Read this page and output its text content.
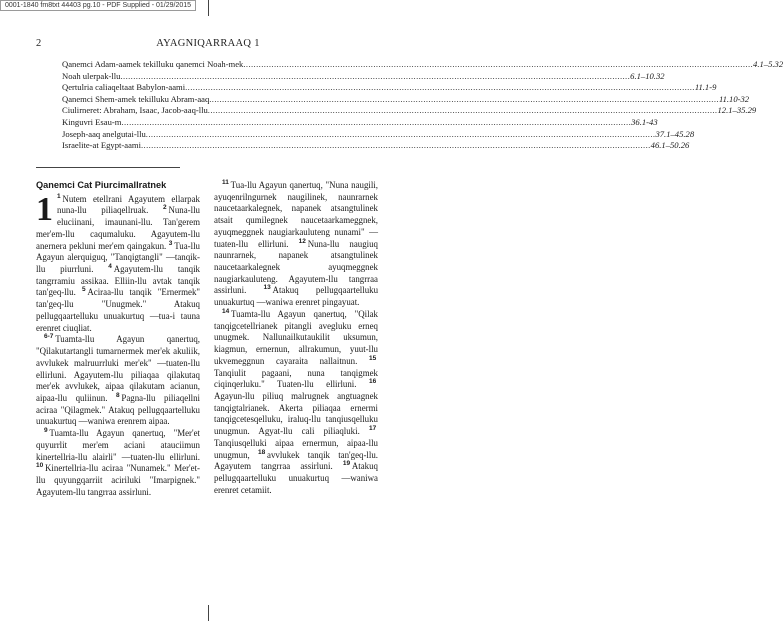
0001-1840 fm8txt 44403 pg.10 - PDF Supplied - 01/29/2015
2	AYAGNIQARRAAQ 1
Qanemci Adam-aamek tekilluku qanemci Noah-mek ........................................................................................................................................................................................................ 4.1–5.32
Noah ulerpak-llu ........................................................................................................................................................................................................ 6.1–10.32
Qertulria caliaqeltaat Babylon-aami ........................................................................................................................................................................................................ 11.1-9
Qanemci Shem-amek tekilluku Abram-aaq ........................................................................................................................................................................................................ 11.10-32
Ciulirneret: Abraham, Isaac, Jacob-aaq-llu ........................................................................................................................................................................................................ 12.1–35.29
Kinguvri Esau-m ........................................................................................................................................................................................................ 36.1-43
Joseph-aaq anelgutai-llu ........................................................................................................................................................................................................ 37.1–45.28
Israelite-at Egypt-aami ........................................................................................................................................................................................................ 46.1–50.26
Qanemci Cat Piurcimallratnek

1 $^1$  Nutem etellrani Agayutem ellarpak nuna-llu piliaqellruak. $^2$  Nuna-llu eluciinani, imaunani-llu. Tan'gerem mer'em-llu caqumaluku. Agayutem-llu anernera pekluni mer'em qaingakun. $^3$  Tua-llu Agayun alerquiguq, "Tanqigtangli" —tanqik-llu piurrluni. $^4$  Agayutem-llu tanqik tangrramiu assikaa. Elliin-llu avtak tanqik tan'geq-llu. $^5$  Aciraa-llu tanqik "Ernermek" tan'geq-llu "Unugmek." Atakuq pellugqaartelluku unuakurtuq —tua-i tauna erenret ciuqliat.

$^{6-7}$  Tuamta-llu Agayun qanertuq, "Qilakutartangli tumarnermek mer'ek akuliik, avvlukek malruurrluki mer'ek" —tuaten-llu ellirluni. Agayutem-llu piliaqaa qilakutaq mer'ek avvlukek, aipaa qilakutam acianun, aipaa-llu quliinun. $^8$  Pagna-llu piliaqellni aciraa "Qilagmek." Atakuq pellugqaartelluku unuakurtuq —waniwa erenrem aipaa.

$^9$  Tuamta-llu Agayun qanertuq, "Mer'et quyurrlit mer'em aciani atauciimun kinertellria-llu alairli" —tuaten-llu ellirluni. $^{10}$  Kinertellria-llu aciraa "Nunamek." Mer'et-llu quyungqarriit aciriluki "Imarpignek." Agayutem-llu tangrraa assirluni.

$^{11}$  Tua-llu Agayun qanertuq, "Nuna naugili, ayuqenrilngurnek naugilinek, naunrarnek naucetaarkalegnek, napanek atsangtulinek atsait qumilegnek naucetaarkameggnek, ayuqmeggnek naugiarkauluteng nunami" —tuaten-llu ellirluni. $^{12}$  Nuna-llu naugiuq naunrarnek, napanek atsangtulinek naucetaarkalegnek ayuqmeggnek naugiarkauluteng. Agayutem-llu tangrraa assirluni.	$^{13}$  Atakuq pellugqaartelluku unuakurtuq —waniwa erenret pingayuat.

$^{14}$  Tuamta-llu Agayun qanertuq, "Qilak tanqigcetellrianek pitangli avegluku erneq unugmek. Nallunailkutaukilit uksumun, kiagmun, ernernun, allrakumun, yuut-llu ukvemeggnun cayaraita nallaitnun. $^{15}$ Tanqiulit pagaani, nuna tanqigmek ciqinqerluku." Tuaten-llu ellirluni. $^{16}$ Agayun-llu piliuq malrugnek angtuagnek tanqigtalrianek. Akerta piliaqaa ernermi tanqigcetesqelluku, iraluq-llu tanqiusqelluku unugmun. Agyat-llu cali piliaqluki. $^{17}$ Tanqiusqelluki aipaa ernermun, aipaa-llu unugmun, $^{18}$  avvlukek tanqik tan'geq-llu. Agayutem tangrraa assirluni. $^{19}$  Atakuq pellugqaartelluku unuakurtuq —waniwa erenret cetamiit.
